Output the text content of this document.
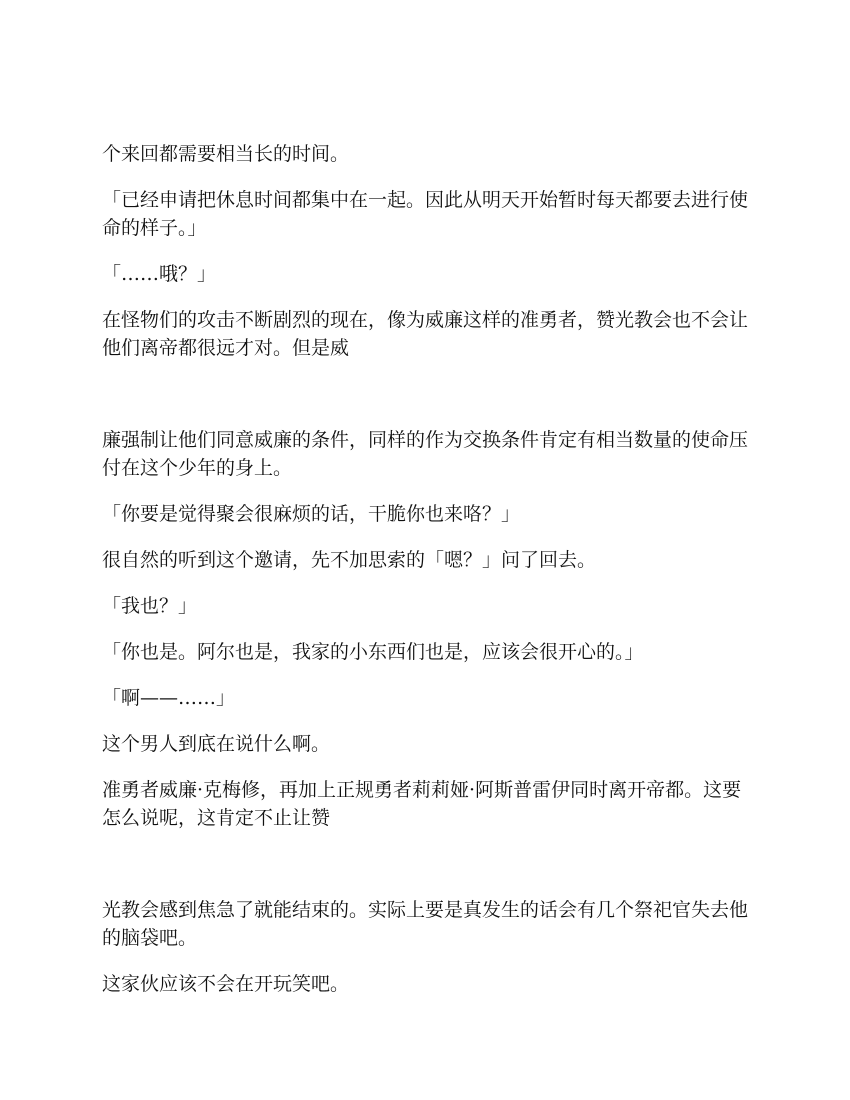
个来回都需要相当长的时间。

「已经申请把休息时间都集中在一起。因此从明天开始暂时每天都要去进行使命的样子。」

「……哦？」

在怪物们的攻击不断剧烈的现在，像为威廉这样的准勇者，赞光教会也不会让他们离帝都很远才对。但是威

廉强制让他们同意威廉的条件，同样的作为交换条件肯定有相当数量的使命压付在这个少年的身上。

「你要是觉得聚会很麻烦的话，干脆你也来咯？」

很自然的听到这个邀请，先不加思索的「嗯？」问了回去。

「我也？」

「你也是。阿尔也是，我家的小东西们也是，应该会很开心的。」

「啊——……」

这个男人到底在说什么啊。

准勇者威廉·克梅修，再加上正规勇者莉莉娅·阿斯普雷伊同时离开帝都。这要怎么说呢，这肯定不止让赞

光教会感到焦急了就能结束的。实际上要是真发生的话会有几个祭祀官失去他的脑袋吧。

这家伙应该不会在开玩笑吧。
